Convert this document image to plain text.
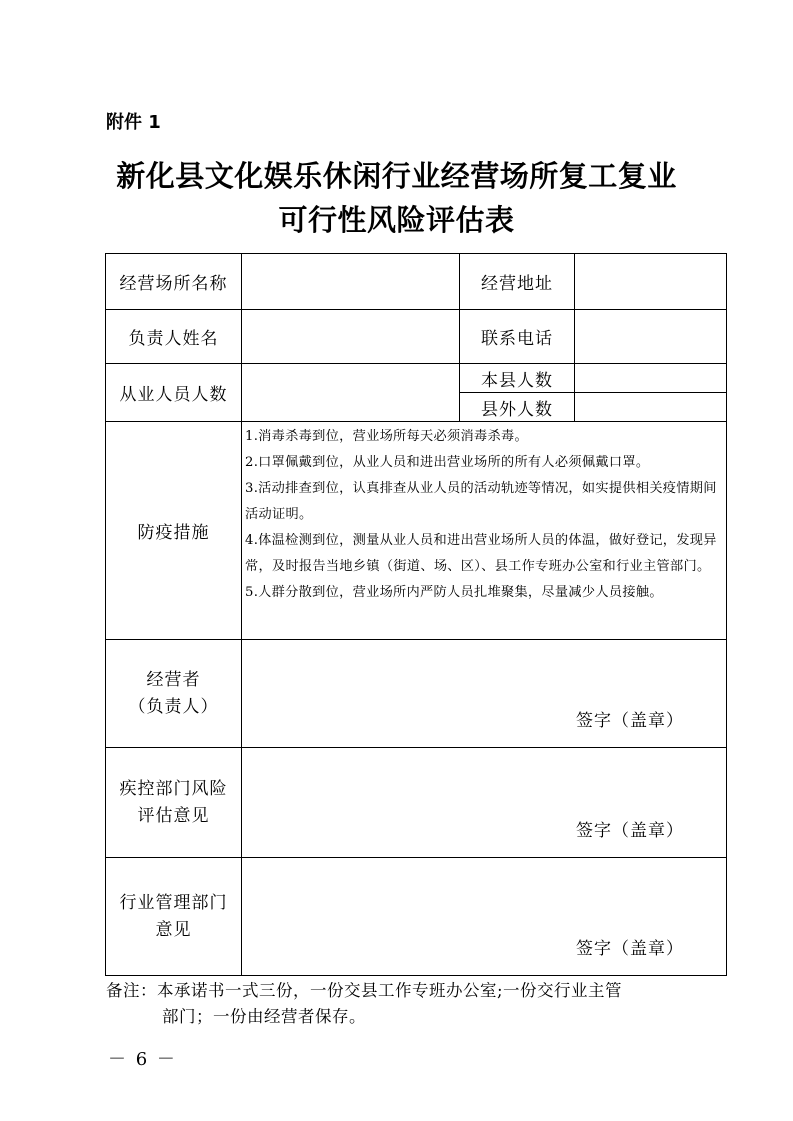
附件 1
新化县文化娱乐休闲行业经营场所复工复业
可行性风险评估表
经营场所名称		经营地址	
负责人姓名		联系电话	
从业人员人数		本县人数	
		县外人数	
防疫措施	1.消毒杀毒到位，营业场所每天必须消毒杀毒。
2.口罩佩戴到位，从业人员和进出营业场所的所有人必须佩戴口罩。
3.活动排查到位，认真排查从业人员的活动轨迹等情况，如实提供相关疫情期间活动证明。
4.体温检测到位，测量从业人员和进出营业场所人员的体温，做好登记，发现异常，及时报告当地乡镇（街道、场、区）、县工作专班办公室和行业主管部门。
5.人群分散到位，营业场所内严防人员扎堆聚集，尽量减少人员接触。		

经营者
（负责人）	签字（盖章）		

疾控部门风险
评估意见	签字（盖章）		

行业管理部门
意见	签字（盖章）		
备注：本承诺书一式三份，一份交县工作专班办公室;一份交行业主管
部门；一份由经营者保存。
－ 6 －
